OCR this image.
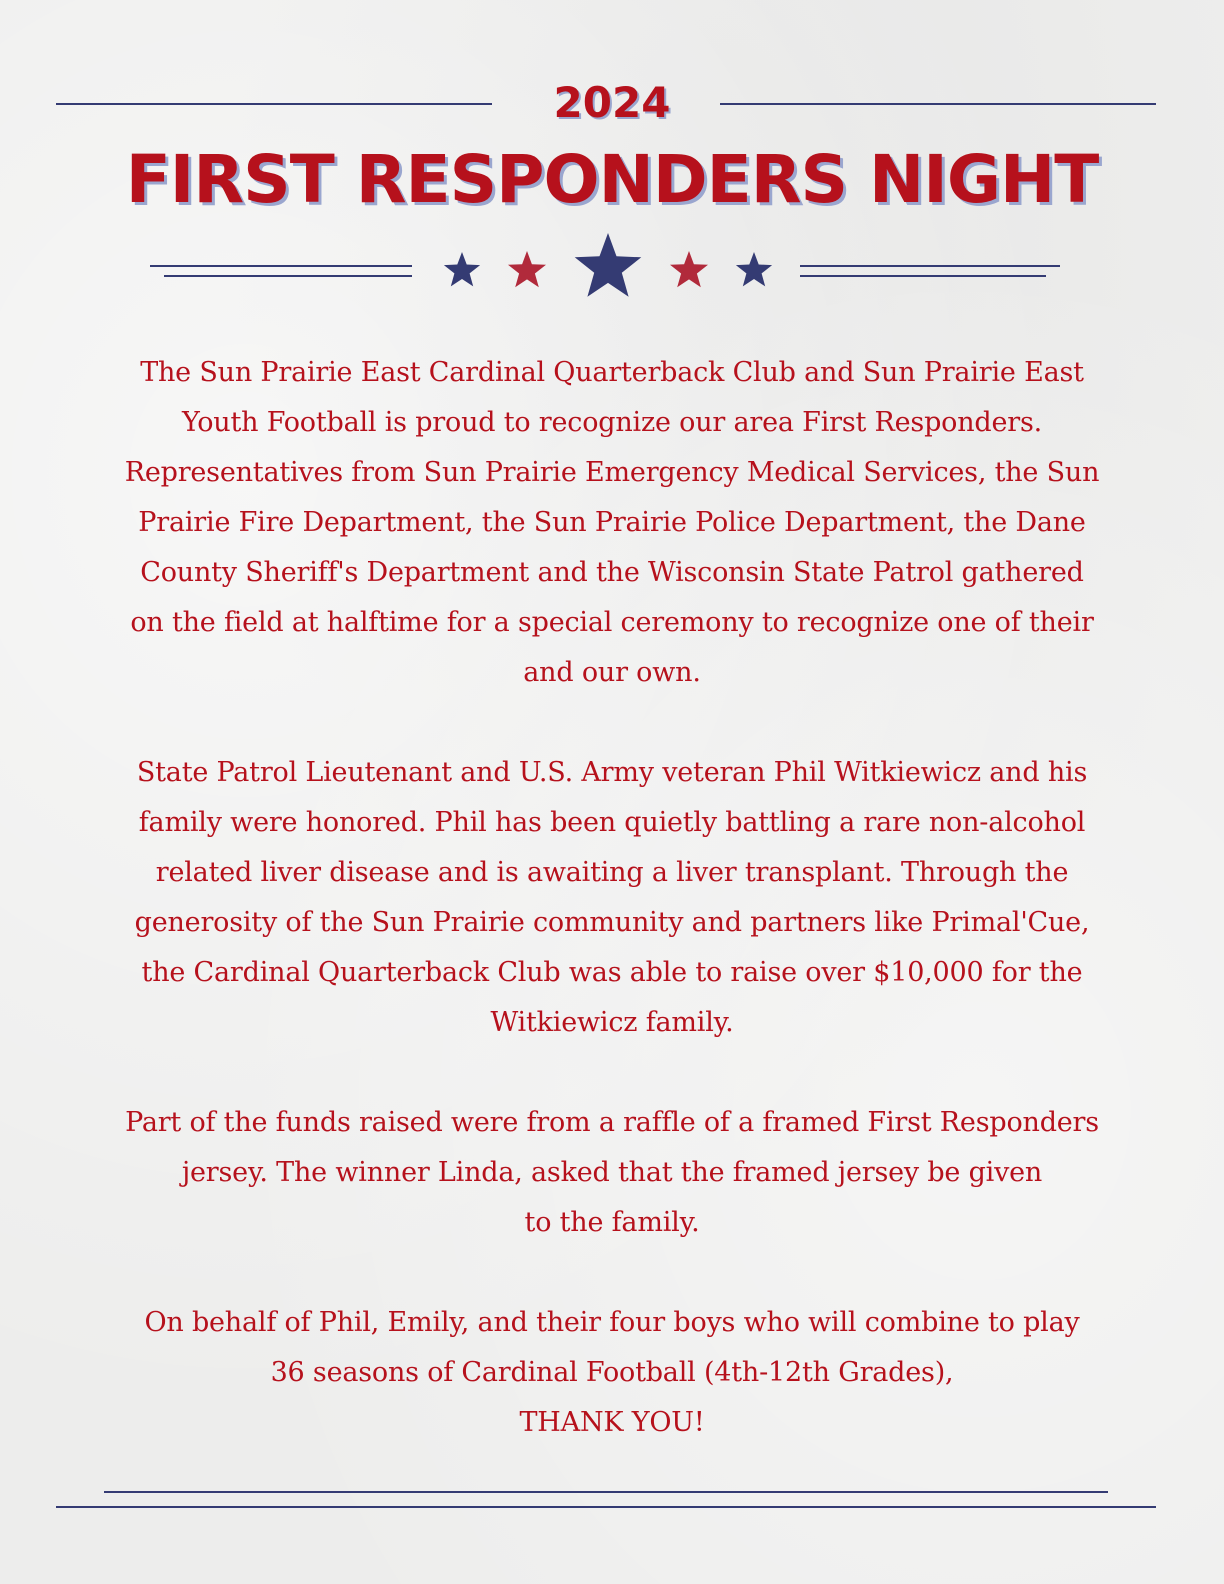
2024
FIRST RESPONDERS NIGHT

The Sun Prairie East Cardinal Quarterback Club and Sun Prairie East
Youth Football is proud to recognize our area First Responders.
Representatives from Sun Prairie Emergency Medical Services, the Sun
Prairie Fire Department, the Sun Prairie Police Department, the Dane
County Sheriff's Department and the Wisconsin State Patrol gathered
on the field at halftime for a special ceremony to recognize one of their
and our own.

State Patrol Lieutenant and U.S. Army veteran Phil Witkiewicz and his
family were honored. Phil has been quietly battling a rare non-alcohol
related liver disease and is awaiting a liver transplant. Through the
generosity of the Sun Prairie community and partners like Primal'Cue,
the Cardinal Quarterback Club was able to raise over $10,000 for the
Witkiewicz family.

Part of the funds raised were from a raffle of a framed First Responders
jersey. The winner Linda, asked that the framed jersey be given
to the family.

On behalf of Phil, Emily, and their four boys who will combine to play
36 seasons of Cardinal Football (4th-12th Grades),
THANK YOU!
